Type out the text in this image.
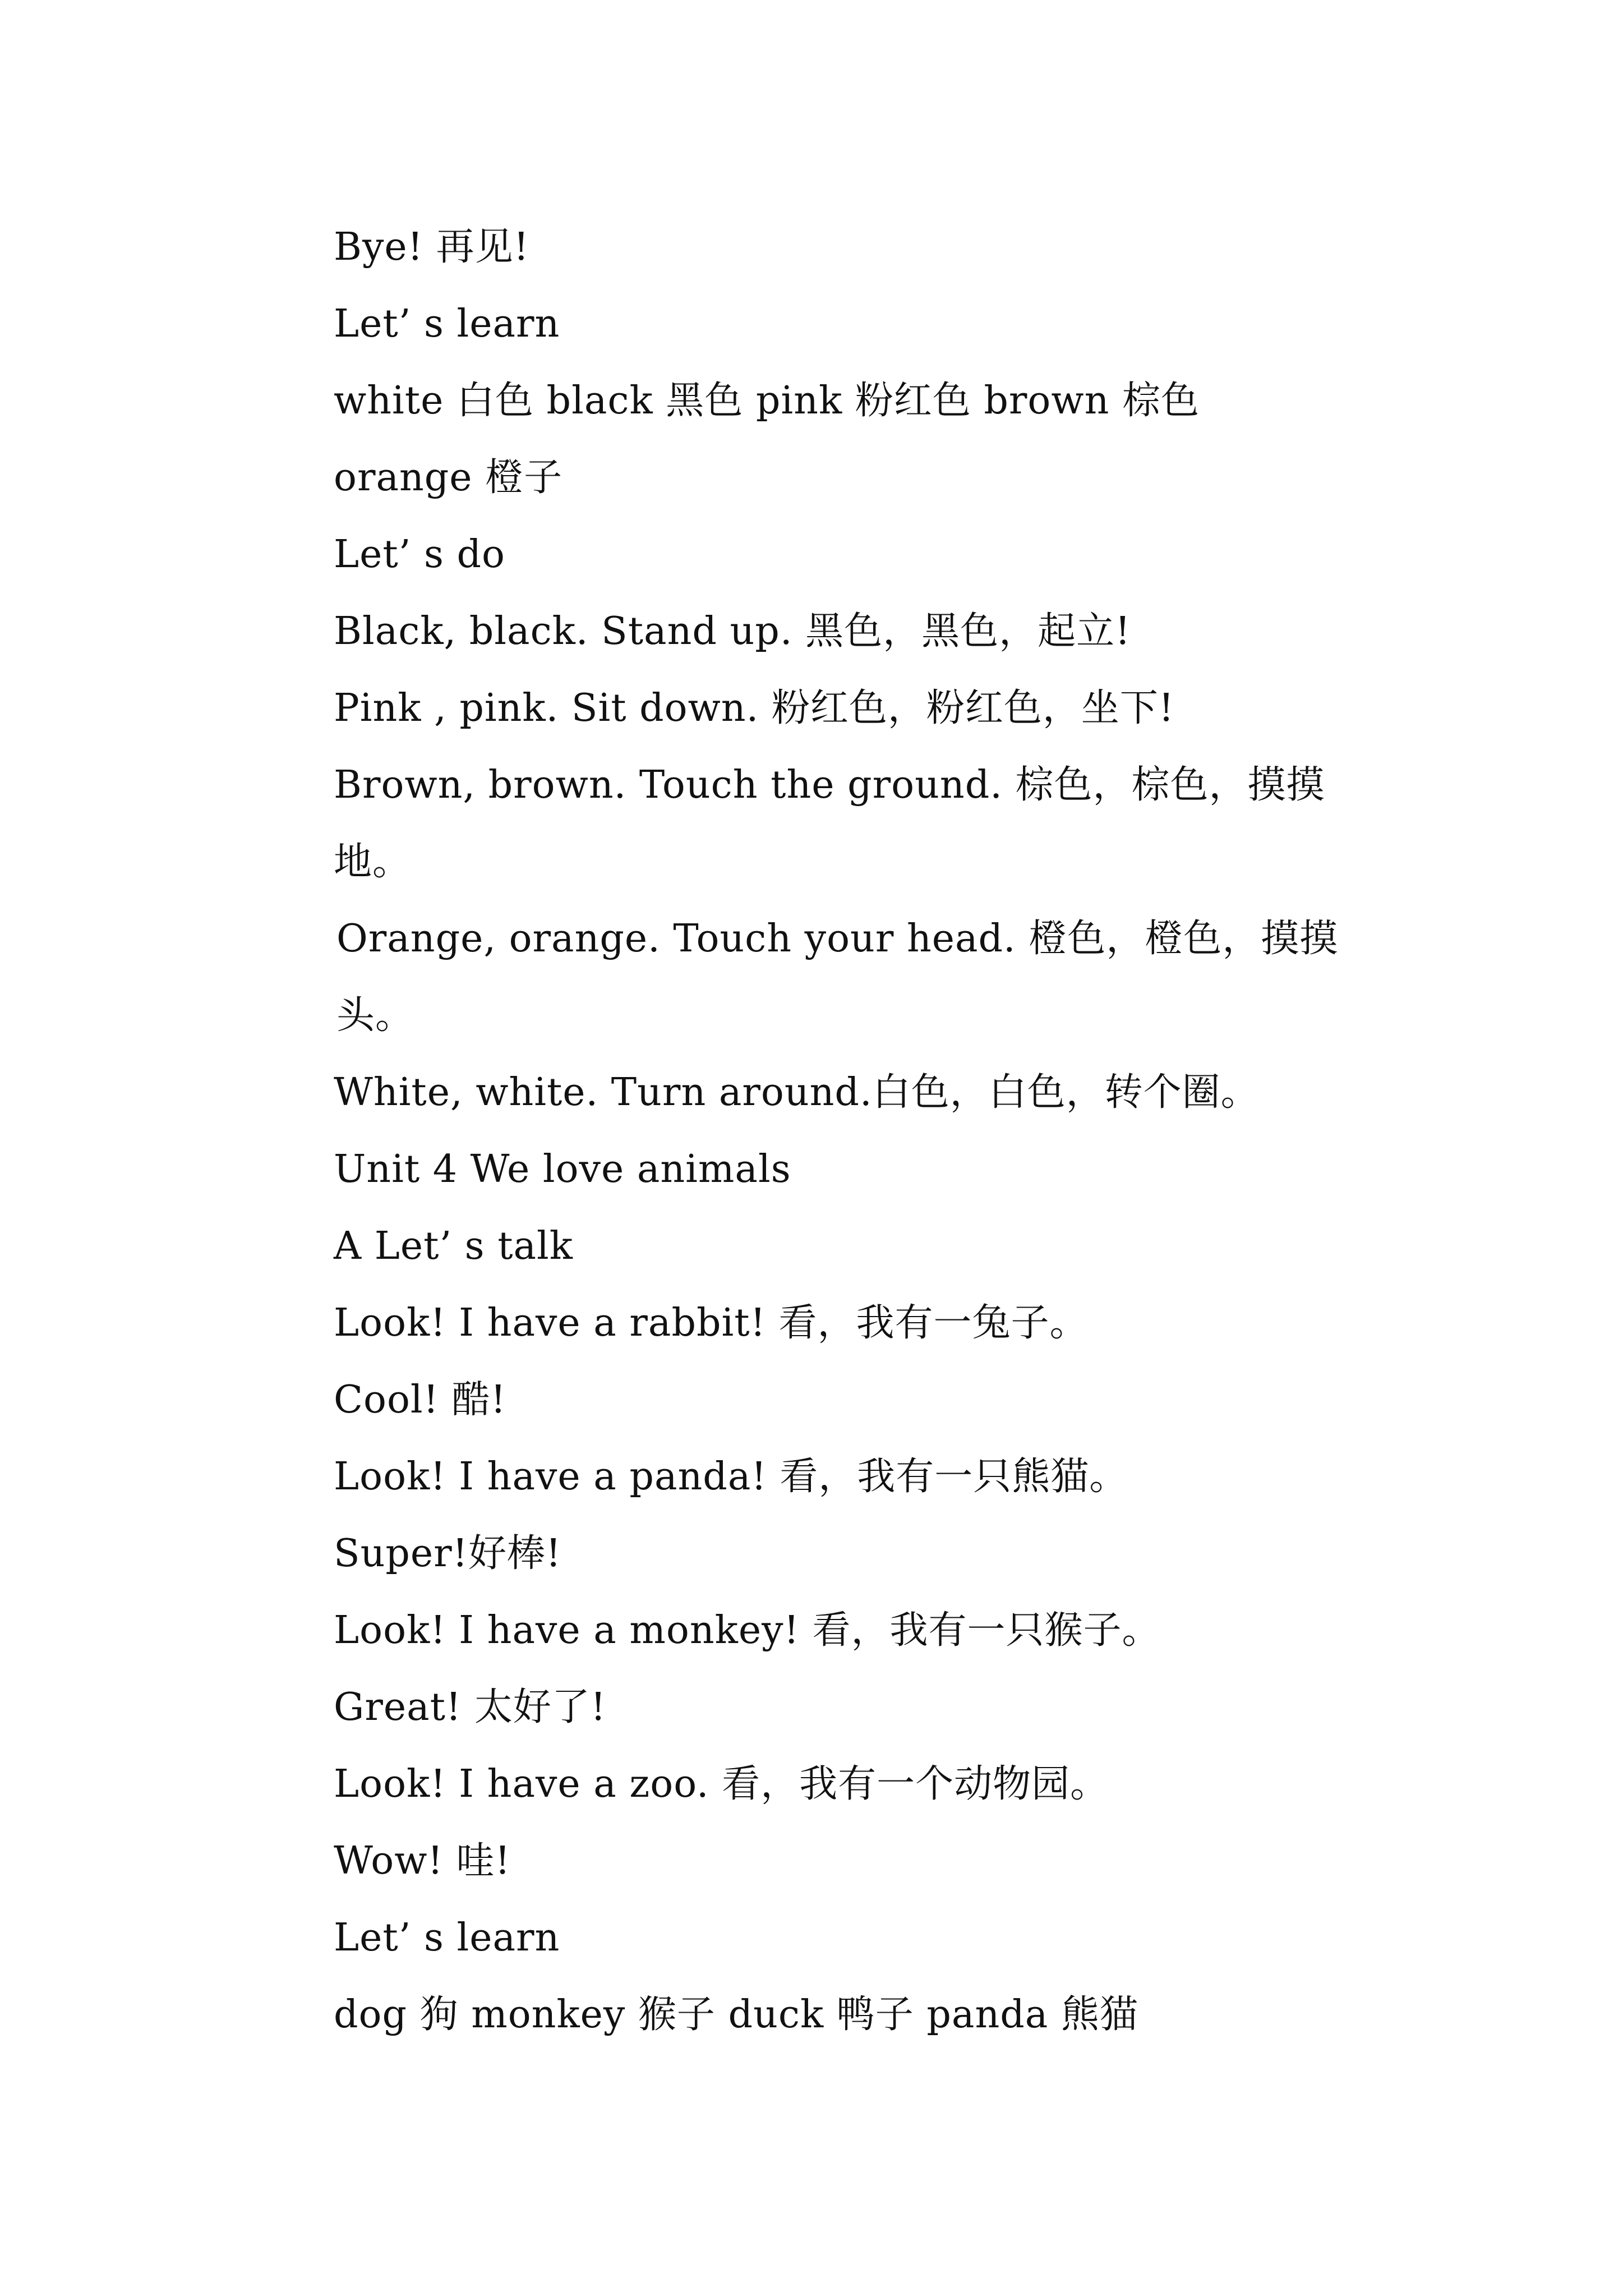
Bye! 再见!

Let’ s learn

white 白色 black 黑色 pink 粉红色 brown 棕色

orange 橙子

Let’ s do

Black, black. Stand up. 黑色，黑色，起立!

Pink , pink. Sit down. 粉红色，粉红色，坐下!

Brown, brown. Touch the ground. 棕色，棕色，摸摸地。

Orange, orange. Touch your head. 橙色，橙色，摸摸头。

White, white. Turn around.白色，白色，转个圈。

Unit 4 We love animals

A Let’ s talk

Look! I have a rabbit! 看，我有一兔子。

Cool! 酷!

Look! I have a panda! 看，我有一只熊猫。

Super!好棒!

Look! I have a monkey! 看，我有一只猴子。

Great! 太好了!

Look! I have a zoo. 看，我有一个动物园。

Wow! 哇!

Let’ s learn

dog 狗 monkey 猴子 duck 鸭子 panda 熊猫
